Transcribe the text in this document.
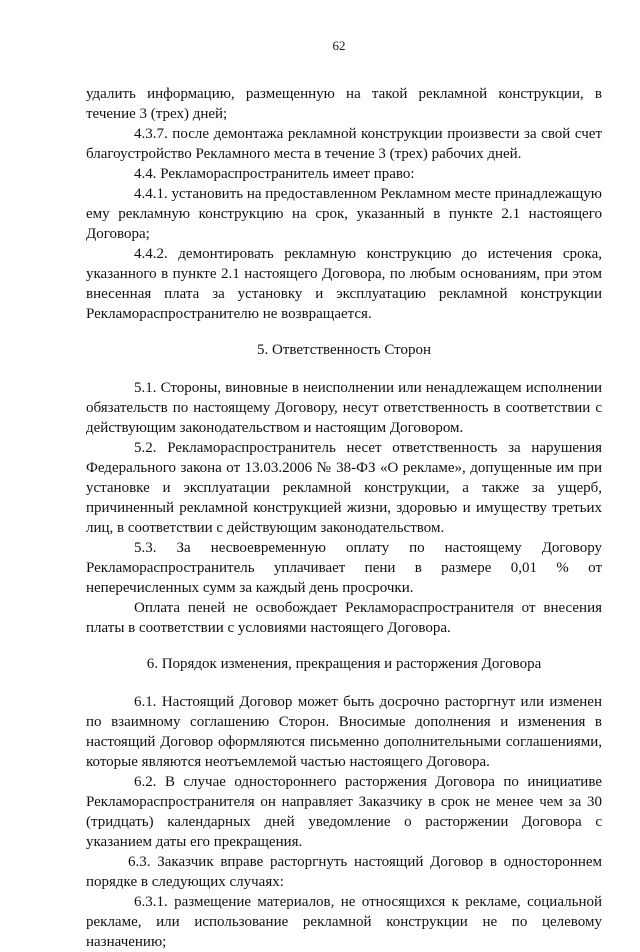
62

удалить информацию, размещенную на такой рекламной конструкции, в течение 3 (трех) дней;

4.3.7. после демонтажа рекламной конструкции произвести за свой счет благоустройство Рекламного места в течение 3 (трех) рабочих дней.

4.4. Рекламораспространитель имеет право:

4.4.1. установить на предоставленном Рекламном месте принадлежащую ему рекламную конструкцию на срок, указанный в пункте 2.1 настоящего Договора;

4.4.2. демонтировать рекламную конструкцию до истечения срока, указанного в пункте 2.1 настоящего Договора, по любым основаниям, при этом внесенная плата за установку и эксплуатацию рекламной конструкции Рекламораспространителю не возвращается.

5. Ответственность Сторон

5.1. Стороны, виновные в неисполнении или ненадлежащем исполнении обязательств по настоящему Договору, несут ответственность в соответствии с действующим законодательством и настоящим Договором.

5.2. Рекламораспространитель несет ответственность за нарушения Федерального закона от 13.03.2006 № 38-ФЗ «О рекламе», допущенные им при установке и эксплуатации рекламной конструкции, а также за ущерб, причиненный рекламной конструкцией жизни, здоровью и имуществу третьих лиц, в соответствии с действующим законодательством.

5.3. За несвоевременную оплату по настоящему Договору Рекламораспространитель уплачивает пени в размере 0,01 % от неперечисленных сумм за каждый день просрочки.

Оплата пеней не освобождает Рекламораспространителя от внесения платы в соответствии с условиями настоящего Договора.

6. Порядок изменения, прекращения и расторжения Договора

6.1. Настоящий Договор может быть досрочно расторгнут или изменен по взаимному соглашению Сторон. Вносимые дополнения и изменения в настоящий Договор оформляются письменно дополнительными соглашениями, которые являются неотъемлемой частью настоящего Договора.

6.2. В случае одностороннего расторжения Договора по инициативе Рекламораспространителя он направляет Заказчику в срок не менее чем за 30 (тридцать) календарных дней уведомление о расторжении Договора с указанием даты его прекращения.

6.3. Заказчик вправе расторгнуть настоящий Договор в одностороннем порядке в следующих случаях:

6.3.1. размещение материалов, не относящихся к рекламе, социальной рекламе, или использование рекламной конструкции не по целевому назначению;
